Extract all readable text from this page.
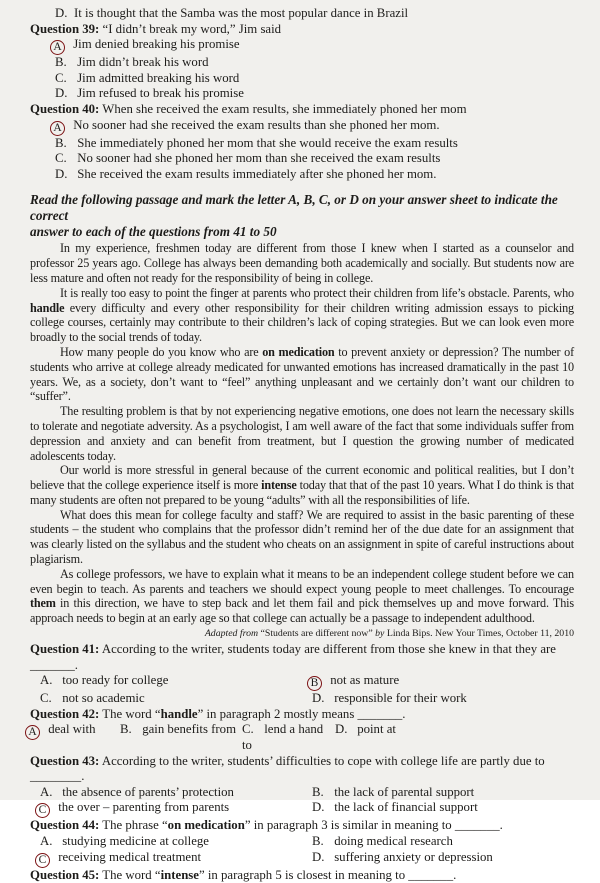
D. It is thought that the Samba was the most popular dance in Brazil
Question 39: “I didn’t break my word,” Jim said
A Jim denied breaking his promise
B. Jim didn’t break his word
C. Jim admitted breaking his word
D. Jim refused to break his promise
Question 40: When she received the exam results, she immediately phoned her mom
A No sooner had she received the exam results than she phoned her mom.
B. She immediately phoned her mom that she would receive the exam results
C. No sooner had she phoned her mom than she received the exam results
D. She received the exam results immediately after she phoned her mom.
Read the following passage and mark the letter A, B, C, or D on your answer sheet to indicate the correct
answer to each of the questions from 41 to 50

In my experience, freshmen today are different from those I knew when I started as a counselor and professor 25 years ago. College has always been demanding both academically and socially. But students now are less mature and often not ready for the responsibility of being in college.

It is really too easy to point the finger at parents who protect their children from life’s obstacle. Parents, who handle every difficulty and every other responsibility for their children writing admission essays to picking college courses, certainly may contribute to their children’s lack of coping strategies. But we can look even more broadly to the social trends of today.

How many people do you know who are on medication to prevent anxiety or depression? The number of students who arrive at college already medicated for unwanted emotions has increased dramatically in the past 10 years. We, as a society, don’t want to “feel” anything unpleasant and we certainly don’t want our children to “suffer”.

The resulting problem is that by not experiencing negative emotions, one does not learn the necessary skills to tolerate and negotiate adversity. As a psychologist, I am well aware of the fact that some individuals suffer from depression and anxiety and can benefit from treatment, but I question the growing number of medicated adolescents today.

Our world is more stressful in general because of the current economic and political realities, but I don’t believe that the college experience itself is more intense today that that of the past 10 years. What I do think is that many students are often not prepared to be young “adults” with all the responsibilities of life.

What does this mean for college faculty and staff? We are required to assist in the basic parenting of these students – the student who complains that the professor didn’t remind her of the due date for an assignment that was clearly listed on the syllabus and the student who cheats on an assignment in spite of careful instructions about plagiarism.

As college professors, we have to explain what it means to be an independent college student before we can even begin to teach. As parents and teachers we should expect young people to meet challenges. To encourage them in this direction, we have to step back and let them fail and pick themselves up and move forward. This approach needs to begin at an early age so that college can actually be a passage to independent adulthood.

Adapted from “Students are different now” by Linda Bips. New Your Times, October 11, 2010
Question 41: According to the writer, students today are different from those she knew in that they are _______.
A. too ready for college	B not as mature
C. not so academic	D. responsible for their work
Question 42: The word “handle” in paragraph 2 mostly means _______.
A deal with	B. gain benefits from C. lend a hand to
D. point at
Question 43: According to the writer, students’ difficulties to cope with college life are partly due to ________.
A. the absence of parents’ protection	B. the lack of parental support
C the over – parenting from parents	D. the lack of financial support
Question 44: The phrase “on medication” in paragraph 3 is similar in meaning to _______.
A. studying medicine at college	B. doing medical research
C receiving medical treatment	D. suffering anxiety or depression
Question 45: The word “intense” in paragraph 5 is closest in meaning to _______.
